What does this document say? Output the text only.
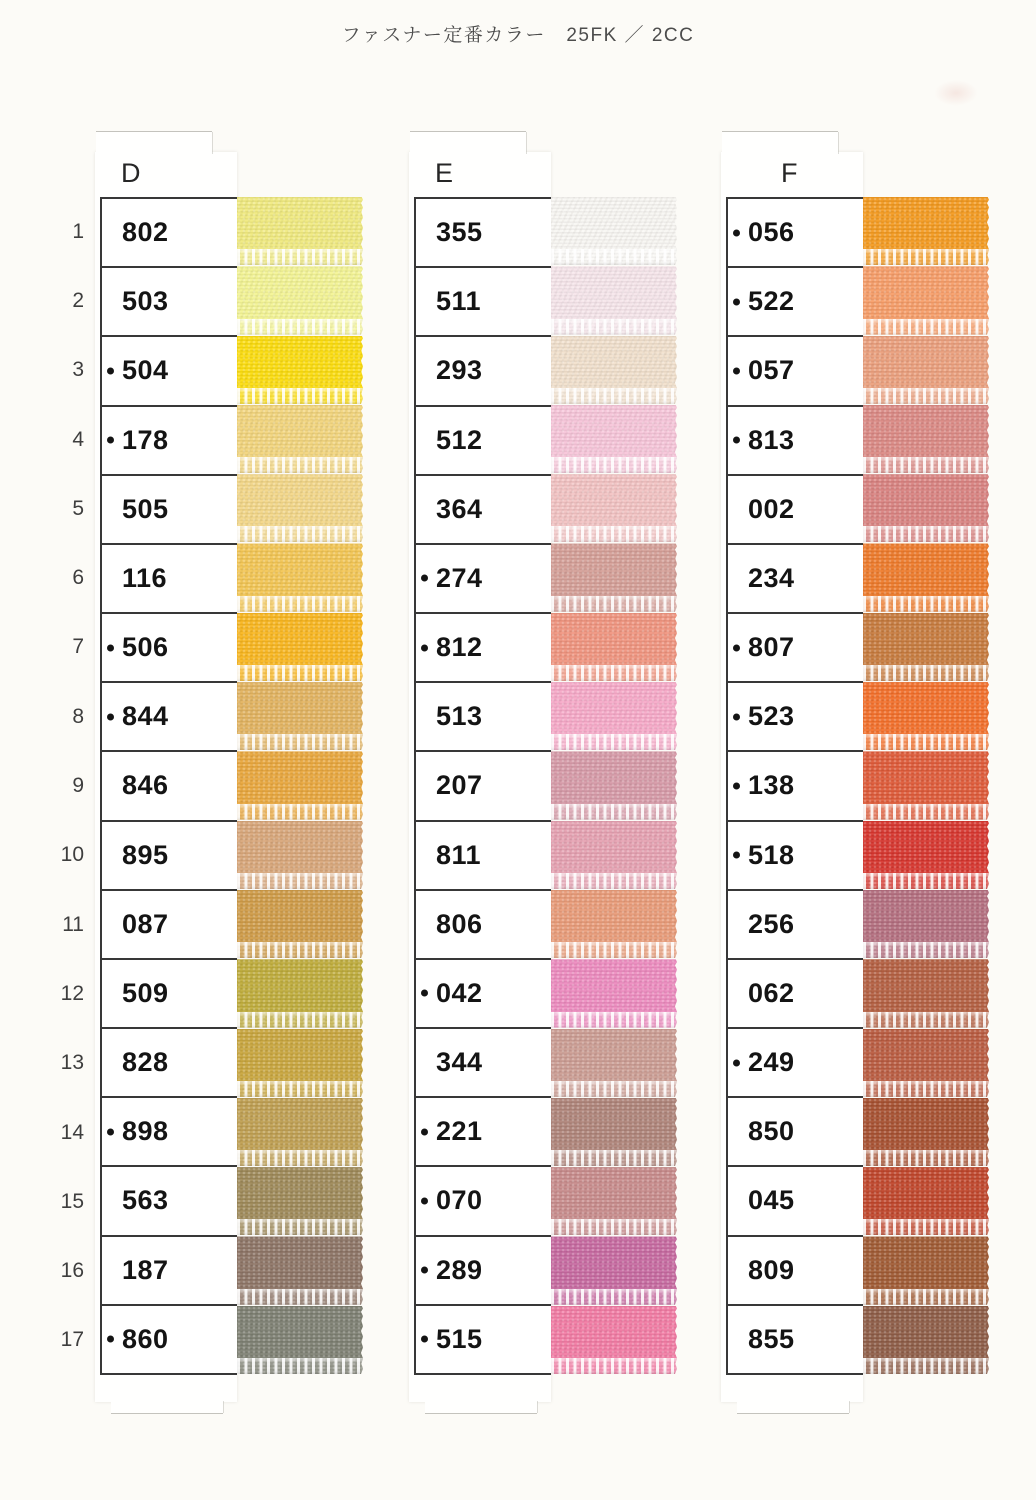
ファスナー定番カラー　25FK ／ 2CC
1
2
3
4
5
6
7
8
9
10
11
12
13
14
15
16
17
D
802
503
504
178
505
116
506
844
846
895
087
509
828
898
563
187
860
E
355
511
293
512
364
274
812
513
207
811
806
042
344
221
070
289
515
F
056
522
057
813
002
234
807
523
138
518
256
062
249
850
045
809
855
